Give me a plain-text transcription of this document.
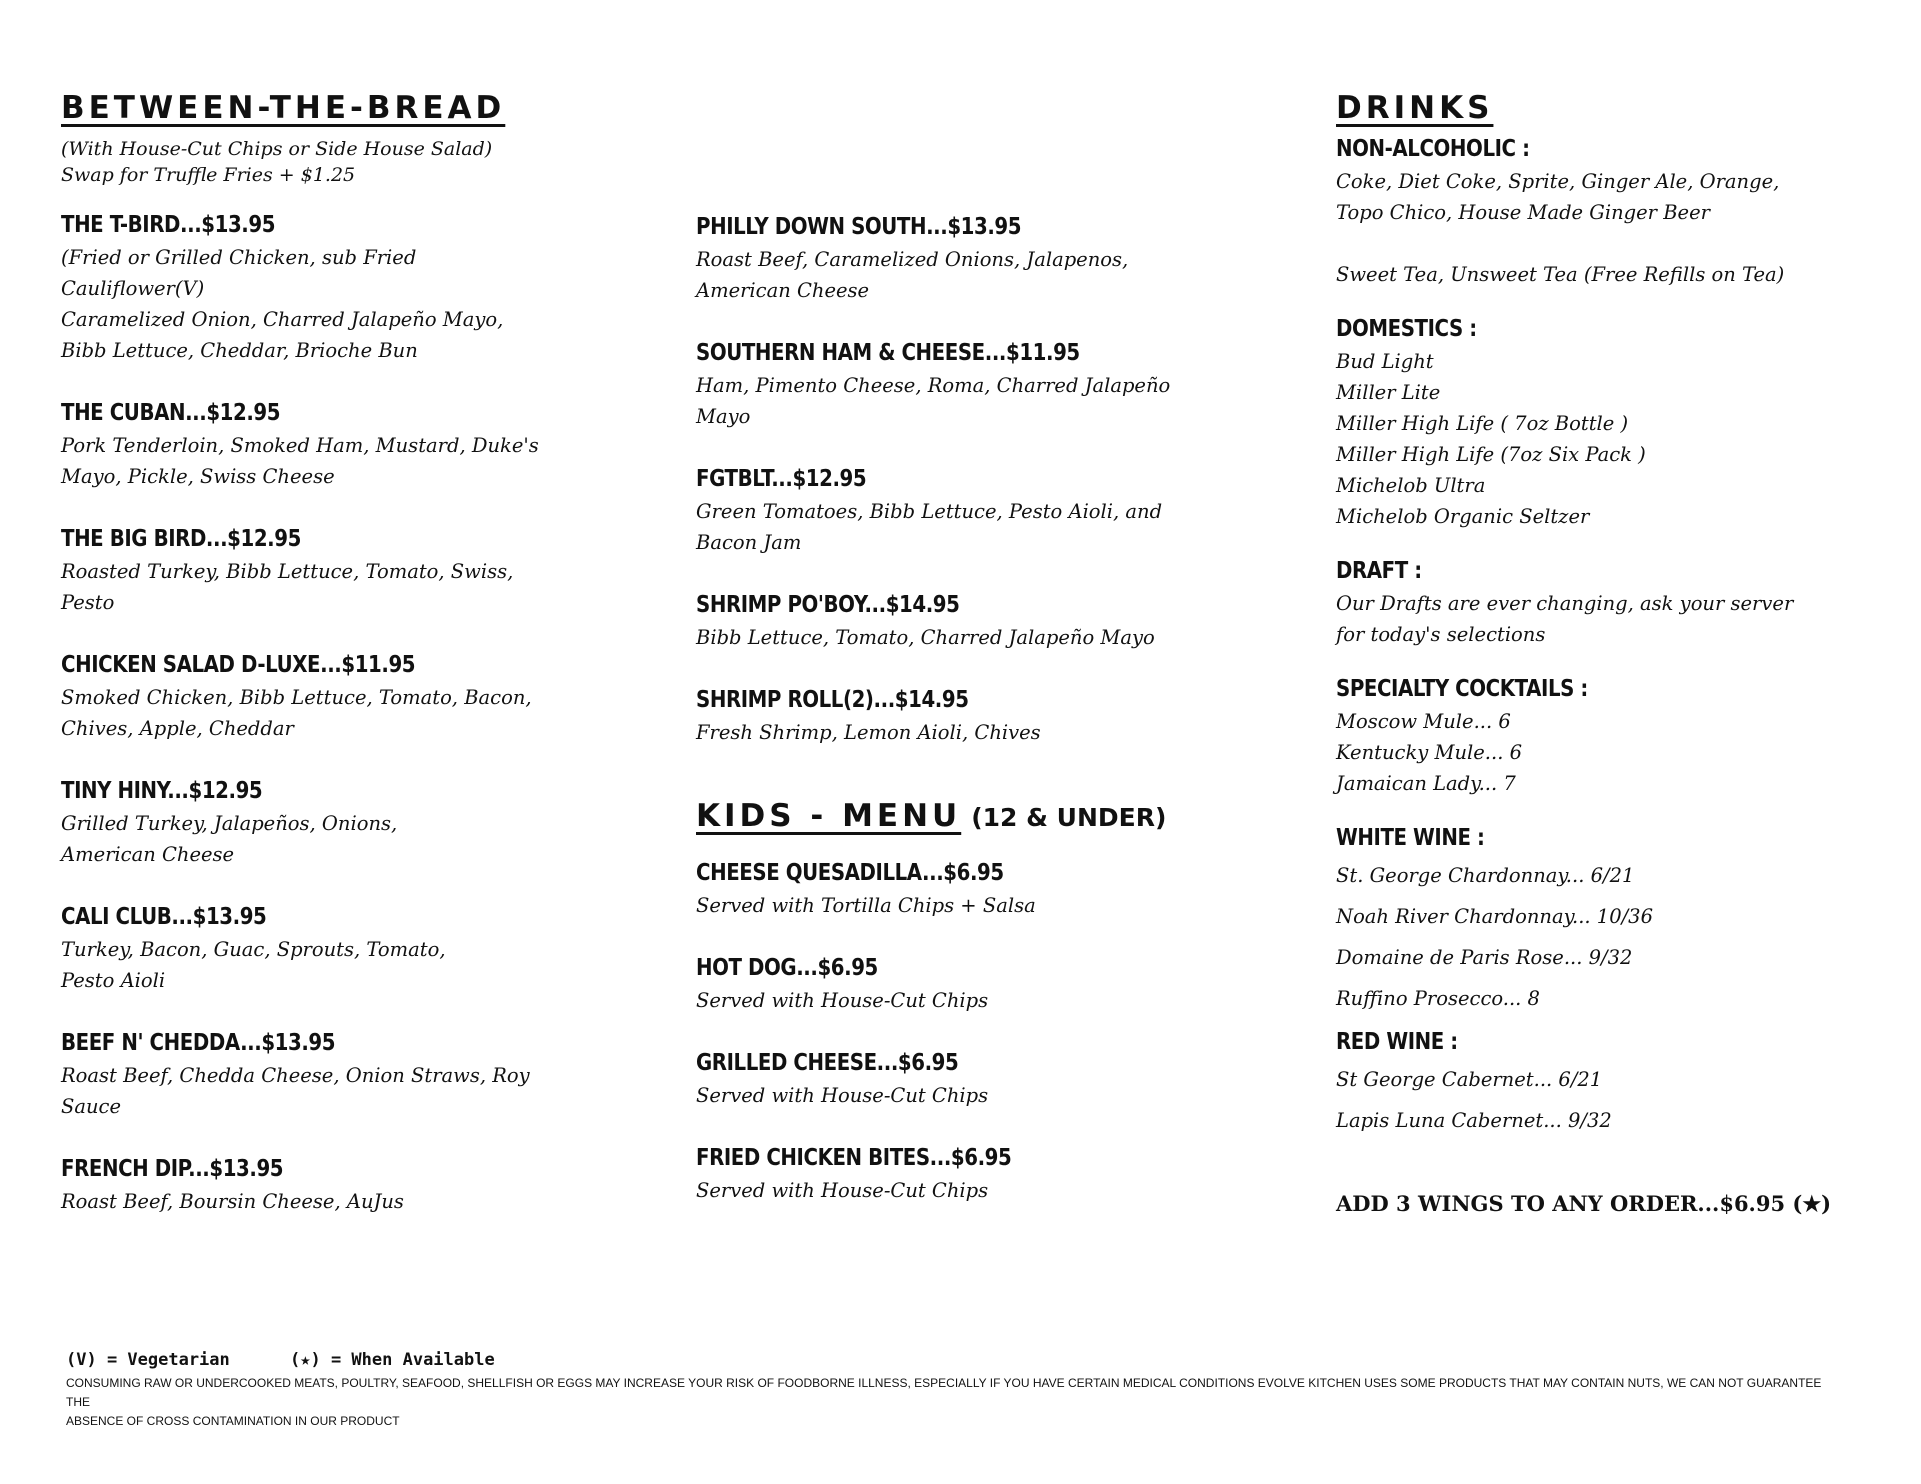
BETWEEN-THE-BREAD
(With House-Cut Chips or Side House Salad)
Swap for Truffle Fries + $1.25
THE T-BIRD...$13.95
(Fried or Grilled Chicken, sub Fried
Cauliflower(V)
Caramelized Onion, Charred Jalapeño Mayo,
Bibb Lettuce, Cheddar, Brioche Bun
THE CUBAN...$12.95
Pork Tenderloin, Smoked Ham, Mustard, Duke's
Mayo, Pickle, Swiss Cheese
THE BIG BIRD...$12.95
Roasted Turkey, Bibb Lettuce, Tomato, Swiss,
Pesto
CHICKEN SALAD D-LUXE...$11.95
Smoked Chicken, Bibb Lettuce, Tomato, Bacon,
Chives, Apple, Cheddar
TINY HINY...$12.95
Grilled Turkey, Jalapeños, Onions,
American Cheese
CALI CLUB...$13.95
Turkey, Bacon, Guac, Sprouts, Tomato,
Pesto Aioli
BEEF N' CHEDDA...$13.95
Roast Beef, Chedda Cheese, Onion Straws, Roy
Sauce
FRENCH DIP...$13.95
Roast Beef, Boursin Cheese, AuJus
PHILLY DOWN SOUTH...$13.95
Roast Beef, Caramelized Onions, Jalapenos,
American Cheese
SOUTHERN HAM & CHEESE...$11.95
Ham, Pimento Cheese, Roma, Charred Jalapeño
Mayo
FGTBLT...$12.95
Green Tomatoes, Bibb Lettuce, Pesto Aioli, and
Bacon Jam
SHRIMP PO'BOY...$14.95
Bibb Lettuce, Tomato, Charred Jalapeño Mayo
SHRIMP ROLL(2)...$14.95
Fresh Shrimp, Lemon Aioli, Chives
KIDS - MENU (12 & UNDER)
CHEESE QUESADILLA...$6.95
Served with Tortilla Chips + Salsa
HOT DOG...$6.95
Served with House-Cut Chips
GRILLED CHEESE...$6.95
Served with House-Cut Chips
FRIED CHICKEN BITES...$6.95
Served with House-Cut Chips
DRINKS
NON-ALCOHOLIC :
Coke, Diet Coke, Sprite, Ginger Ale, Orange,
Topo Chico, House Made Ginger Beer
Sweet Tea, Unsweet Tea (Free Refills on Tea)
DOMESTICS :
Bud Light
Miller Lite
Miller High Life ( 7oz Bottle )
Miller High Life (7oz Six Pack )
Michelob Ultra
Michelob Organic Seltzer
DRAFT :
Our Drafts are ever changing, ask your server
for today's selections
SPECIALTY COCKTAILS :
Moscow Mule... 6
Kentucky Mule... 6
Jamaican Lady... 7
WHITE WINE :
St. George Chardonnay... 6/21
Noah River Chardonnay... 10/36
Domaine de Paris Rose... 9/32
Ruffino Prosecco... 8
RED WINE :
St George Cabernet... 6/21
Lapis Luna Cabernet... 9/32
ADD 3 WINGS TO ANY ORDER...$6.95 (★)
(V) = Vegetarian	(★) = When Available
CONSUMING RAW OR UNDERCOOKED MEATS, POULTRY, SEAFOOD, SHELLFISH OR EGGS MAY INCREASE YOUR RISK OF FOODBORNE ILLNESS, ESPECIALLY IF YOU HAVE CERTAIN MEDICAL CONDITIONS EVOLVE KITCHEN USES SOME PRODUCTS THAT MAY CONTAIN NUTS, WE CAN NOT GUARANTEE THE
ABSENCE OF CROSS CONTAMINATION IN OUR PRODUCT
